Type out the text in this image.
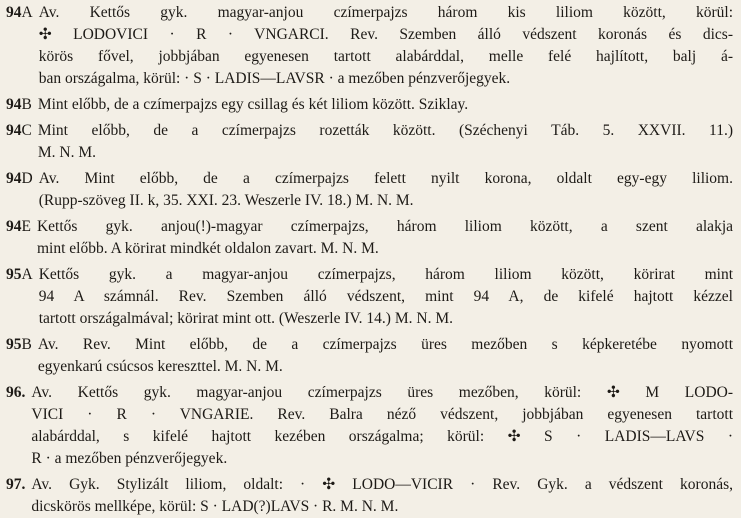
94A Av. Kettős gyk. magyar-anjou czímerpajzs három kis liliom között, körül:

✣ LODOVICI · R · VNGARCI. Rev. Szemben álló védszent koronás és dics-

körös fővel, jobbjában egyenesen tartott alabárddal, melle felé hajlított, balj á-

ban országalma, körül: · S · LADIS—LAVSR · a mezőben pénzverőjegyek.

94B Mint előbb, de a czímerpajzs egy csillag és két liliom között. Sziklay.

94C Mint előbb, de a czímerpajzs rozetták között. (Széchenyi Táb. 5. XXVII. 11.)

M. N. M.

94D Av. Mint előbb, de a czímerpajzs felett nyilt korona, oldalt egy-egy liliom.

(Rupp-szöveg II. k, 35. XXI. 23. Weszerle IV. 18.) M. N. M.

94E Kettős gyk. anjou(!)-magyar czímerpajzs, három liliom között, a szent alakja

mint előbb. A körirat mindkét oldalon zavart. M. N. M.

95A Kettős gyk. a magyar-anjou czímerpajzs, három liliom között, körirat mint

94 A számnál. Rev. Szemben álló védszent, mint 94 A, de kifelé hajtott kézzel

tartott országalmával; körirat mint ott. (Weszerle IV. 14.) M. N. M.

95B Av. Rev. Mint előbb, de a czímerpajzs üres mezőben s képkeretébe nyomott

egyenkarú csúcsos kereszttel. M. N. M.

96. Av. Kettős gyk. magyar-anjou czímerpajzs üres mezőben, körül: ✣ M LODO-

VICI · R · VNGARIE. Rev. Balra néző védszent, jobbjában egyenesen tartott

alabárddal, s kifelé hajtott kezében országalma; körül: ✣ S · LADIS—LAVS ·

R · a mezőben pénzverőjegyek.

97. Av. Gyk. Stylizált liliom, oldalt: · ✣ LODO—VICIR · Rev. Gyk. a védszent koronás,

dicskörös mellképe, körül: S · LAD(?)LAVS · R. M. N. M.
